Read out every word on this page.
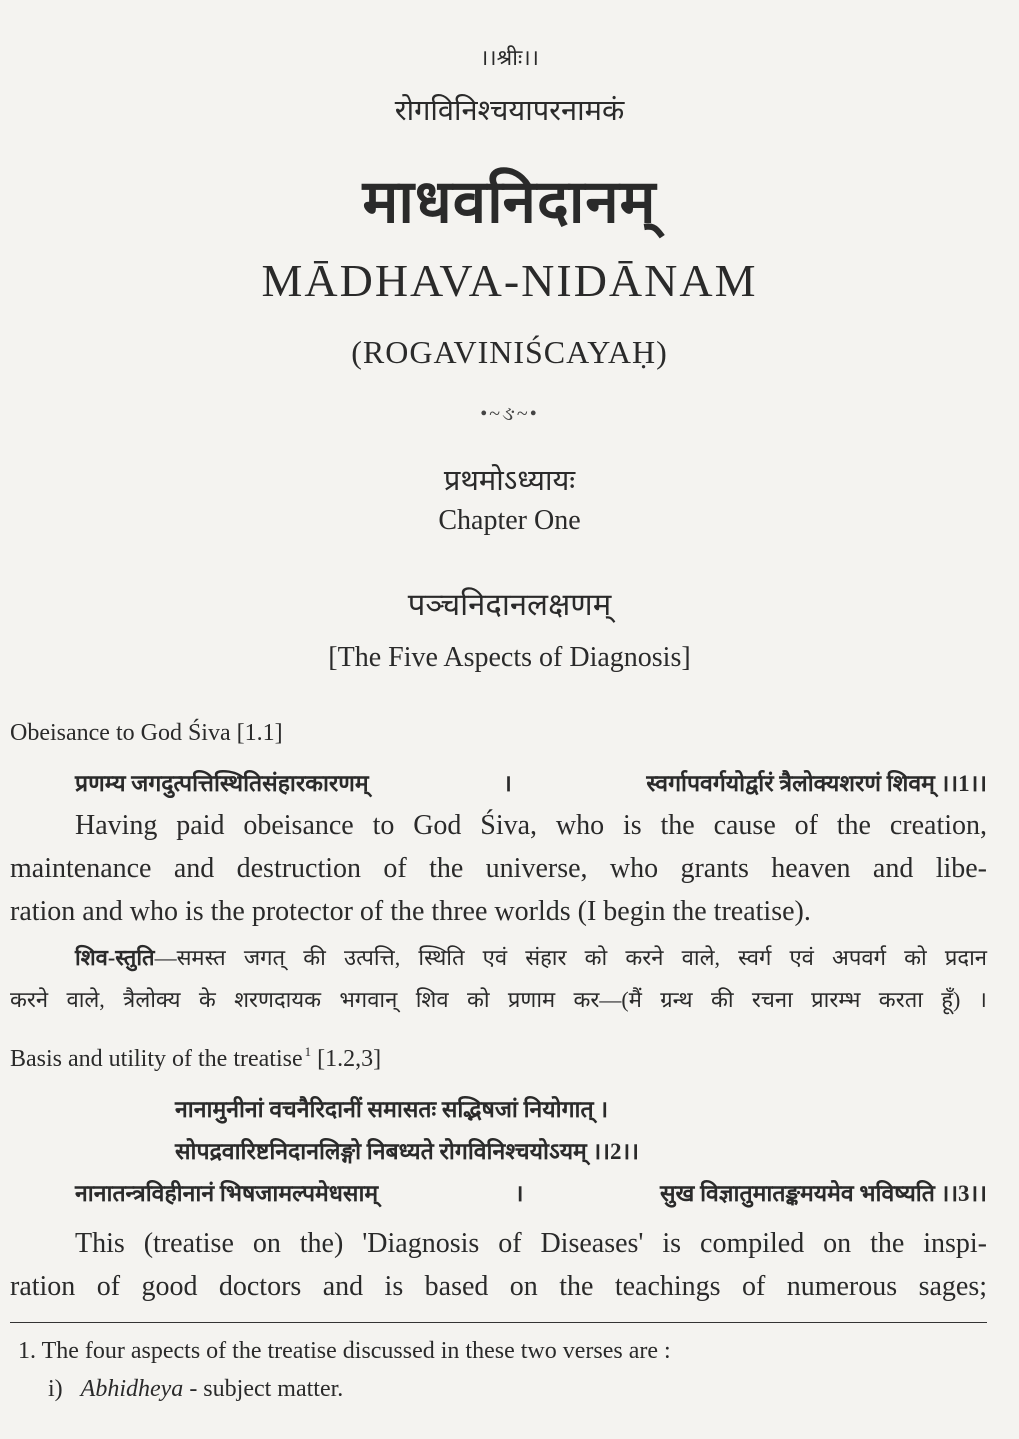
।।श्रीः।।
रोगविनिश्चयापरनामकं
माधवनिदानम्
MĀDHAVA-NIDĀNAM
(ROGAVINIŚCAYAḤ)
•~ઙ~•
प्रथमोऽध्यायः
Chapter One
पञ्चनिदानलक्षणम्
[The Five Aspects of Diagnosis]
Obeisance to God Śiva [1.1]
प्रणम्य जगदुत्पत्तिस्थितिसंहारकारणम्	।	स्वर्गापवर्गयोर्द्वारं त्रैलोक्यशरणं शिवम् ।।1।।
Having paid obeisance to God Śiva, who is the cause of the creation,
maintenance and destruction of the universe, who grants heaven and libe-
ration and who is the protector of the three worlds (I begin the treatise).
शिव-स्तुति—समस्त जगत् की उत्पत्ति, स्थिति एवं संहार को करने वाले, स्वर्ग एवं अपवर्ग को प्रदान
करने वाले, त्रैलोक्य के शरणदायक भगवान् शिव को प्रणाम कर—(मैं ग्रन्थ की रचना प्रारम्भ करता हूँ) ।
Basis and utility of the treatise $^1$ [1.2,3]
नानामुनीनां वचनैरिदानीं समासतः सद्भिषजां नियोगात् ।
सोपद्रवारिष्टनिदानलिङ्गो निबध्यते रोगविनिश्चयोऽयम् ।।2।।
नानातन्त्रविहीनानं भिषजामल्पमेधसाम्	।	सुख विज्ञातुमातङ्कमयमेव भविष्यति ।।3।।
This (treatise on the) 'Diagnosis of Diseases' is compiled on the inspi-
ration of good doctors and is based on the teachings of numerous sages;
1. The four aspects of the treatise discussed in these two verses are :
i) Abhidheya - subject matter.
